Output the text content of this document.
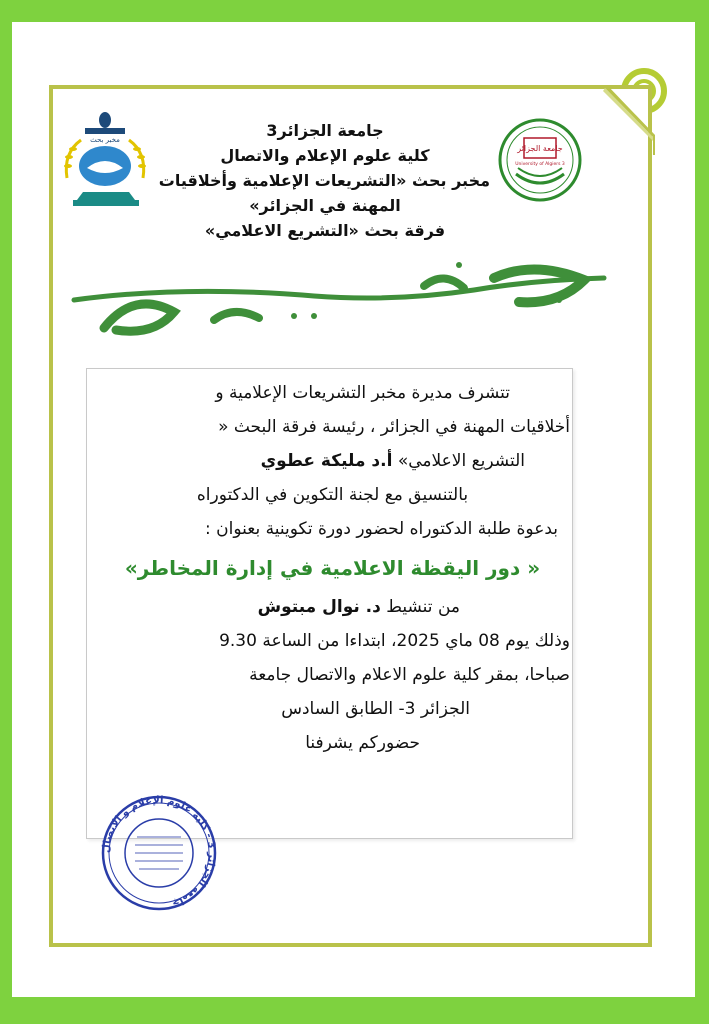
مخبر بحث
جامعة الجزائر
University of Algiers 3
جامعة الجزائر3
كلية علوم الإعلام والاتصال
مخبر بحث «التشريعات الإعلامية وأخلاقيات
المهنة في الجزائر»
فرقة بحث «التشريع الاعلامي»
تتشرف مديرة مخبر التشريعات الإعلامية و
أخلاقيات المهنة في الجزائر ، رئيسة فرقة البحث «
التشريع الاعلامي» أ.د مليكة عطوي
بالتنسيق مع لجنة التكوين في الدكتوراه
بدعوة طلبة الدكتوراه لحضور دورة تكوينية بعنوان :
« دور اليقظة الاعلامية في إدارة المخاطر»
من تنشيط د. نوال مبتوش
وذلك يوم 08 ماي 2025، ابتداءا من الساعة 9.30
صباحا، بمقر كلية علوم الاعلام والاتصال جامعة
الجزائر 3- الطابق السادس
حضوركم يشرفنا
جامعة الجزائر 3 - كلية علوم الإعلام و الاتصال
